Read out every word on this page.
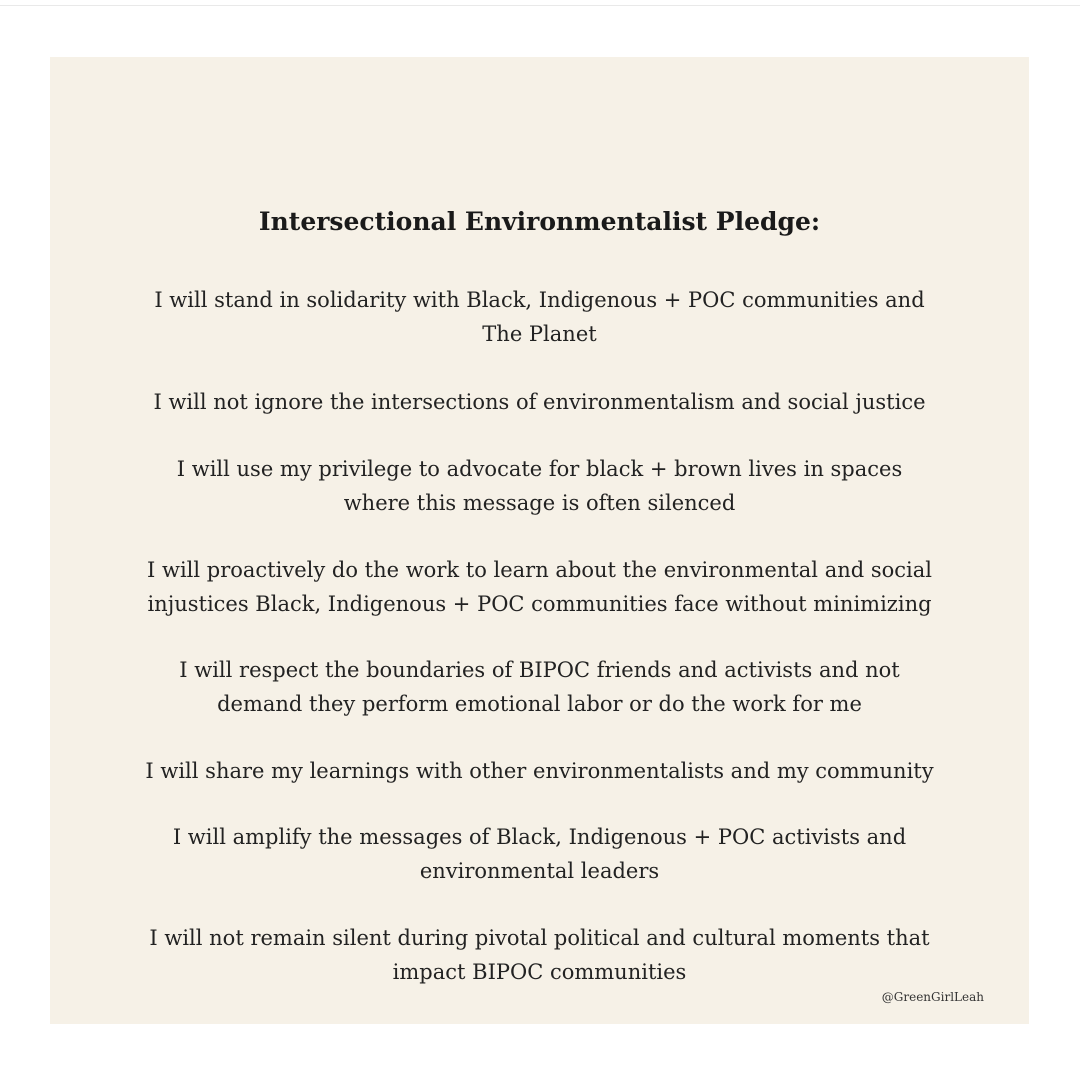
Intersectional Environmentalist Pledge:

I will stand in solidarity with Black, Indigenous + POC communities and
The Planet

I will not ignore the intersections of environmentalism and social justice

I will use my privilege to advocate for black + brown lives in spaces
where this message is often silenced

I will proactively do the work to learn about the environmental and social
injustices Black, Indigenous + POC communities face without minimizing

I will respect the boundaries of BIPOC friends and activists and not
demand they perform emotional labor or do the work for me

I will share my learnings with other environmentalists and my community

I will amplify the messages of Black, Indigenous + POC activists and
environmental leaders

I will not remain silent during pivotal political and cultural moments that
impact BIPOC communities

@GreenGirlLeah
